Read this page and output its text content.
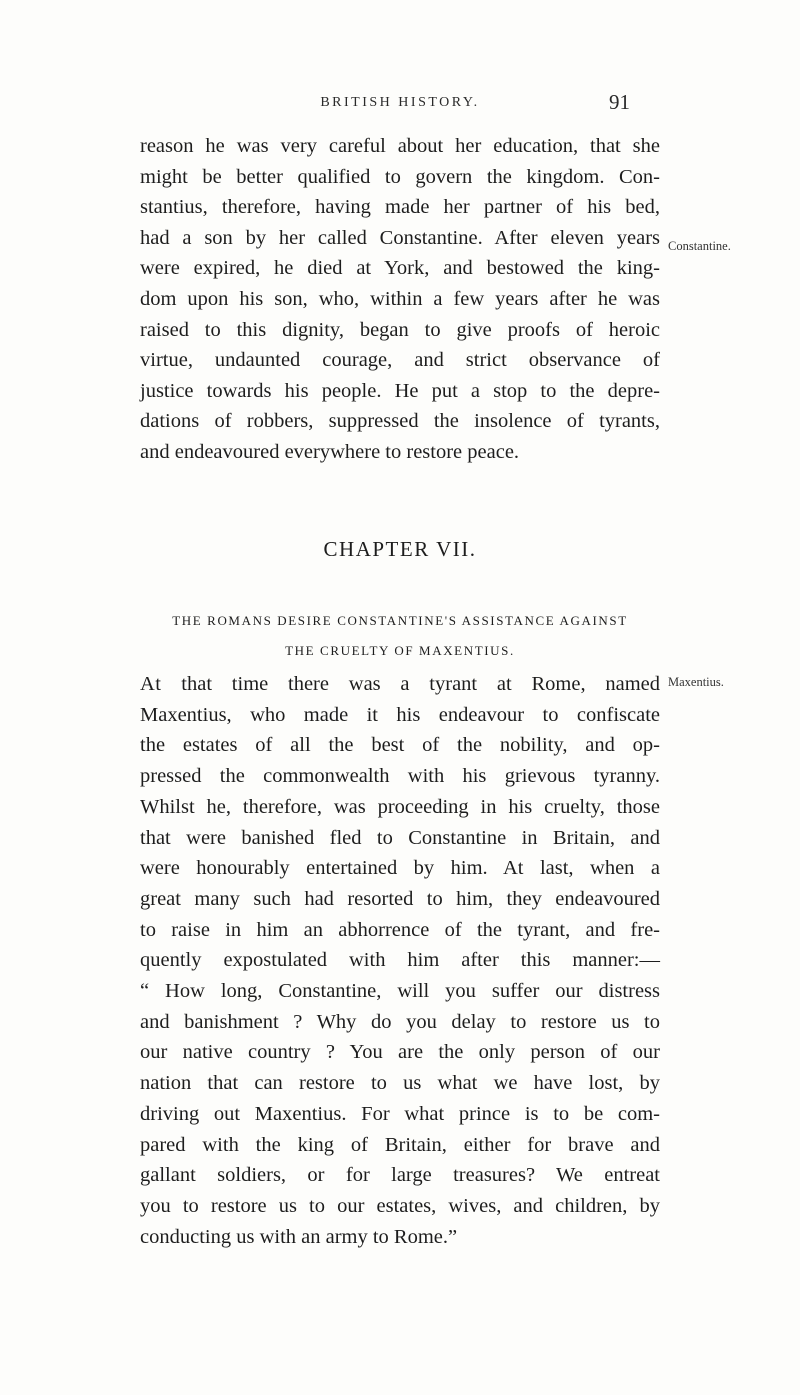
BRITISH HISTORY.	91
reason he was very careful about her education, that she
might be better qualified to govern the kingdom. Con-
stantius, therefore, having made her partner of his bed,
had a son by her called Constantine. After eleven years
were expired, he died at York, and bestowed the king-
dom upon his son, who, within a few years after he was
raised to this dignity, began to give proofs of heroic
virtue, undaunted courage, and strict observance of
justice towards his people. He put a stop to the depre-
dations of robbers, suppressed the insolence of tyrants,
and endeavoured everywhere to restore peace.
Constantine.
CHAPTER VII.
THE ROMANS DESIRE CONSTANTINE'S ASSISTANCE AGAINST
THE CRUELTY OF MAXENTIUS.
Maxentius.
At that time there was a tyrant at Rome, named
Maxentius, who made it his endeavour to confiscate
the estates of all the best of the nobility, and op-
pressed the commonwealth with his grievous tyranny.
Whilst he, therefore, was proceeding in his cruelty, those
that were banished fled to Constantine in Britain, and
were honourably entertained by him. At last, when a
great many such had resorted to him, they endeavoured
to raise in him an abhorrence of the tyrant, and fre-
quently expostulated with him after this manner:—
“ How long, Constantine, will you suffer our distress
and banishment ? Why do you delay to restore us to
our native country ? You are the only person of our
nation that can restore to us what we have lost, by
driving out Maxentius. For what prince is to be com-
pared with the king of Britain, either for brave and
gallant soldiers, or for large treasures? We entreat
you to restore us to our estates, wives, and children, by
conducting us with an army to Rome.”
